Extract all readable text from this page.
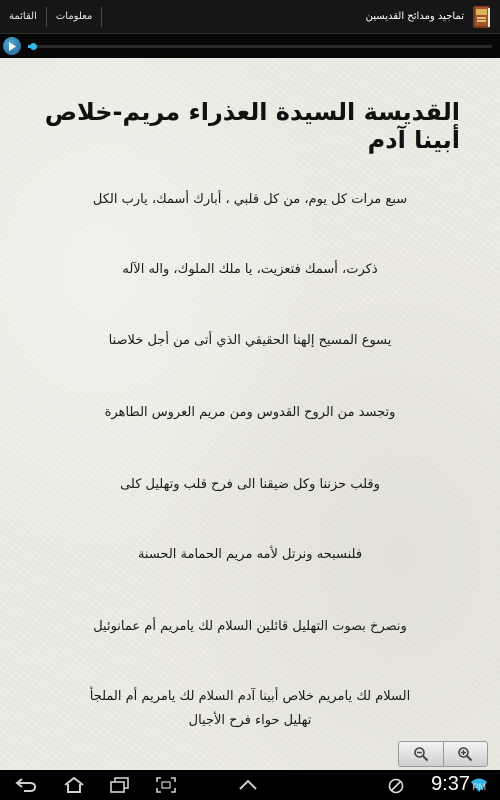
القائمة	معلومات	تماجيد ومدائح القديسين
القديسة السيدة العذراء مريم-خلاص أبينا آدم
سبع مرات كل يوم، من كل قلبي ، أبارك أسمك، يارب الكل
ذكرت، أسمك فتعزيت، يا ملك الملوك، واله الآله
يسوع المسيح إلهنا الحقيقي الذي أتى من أجل خلاصنا
وتجسد من الروح القدوس ومن مريم العروس الطاهرة
وقلب حزننا وكل ضيقنا الى فرح قلب وتهليل كلى
فلنسبحه ونرتل لأمه مريم الحمامة الحسنة
ونصرخ بصوت التهليل قائلين السلام لك يامريم أم عمانوئيل
السلام لك يامريم خلاص أبينا آدم السلام لك يامريم أم الملجأ
تهليل حواء فرح الأجيال
9:37 PM
